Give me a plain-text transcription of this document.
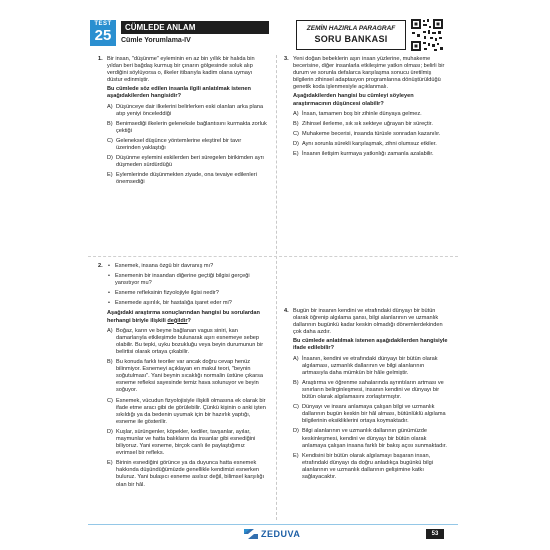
TEST
25	CÜMLEDE ANLAM
Cümle Yorumlama-IV
ZEMİN HAZIRLA PARAGRAF
SORU BANKASI
1. Bir insan, "düşünme" eyleminin en az bin yıllık bir halıda bin yıldan beri bağdaş kurmuş bir çınarın gölgesinde soluk alıp verdiğini söylüyorsa o, ilkeler itibarıyla kadim olana uymayı düstur edinmiştir.

Bu cümlede söz edilen insanla ilgili anlatılmak istenen aşağıdakilerden hangisidir?

A) Düşünceye dair ilkelerini belirlerken eski olanları arka plana atıp yeniyi önceleddiği
B) Benimsediği ilkelerin geleneksle bağlantısını kurmakta zorluk çektiği
C) Geleneksel düşünce yöntemlerine eleştirel bir tavır üzerinden yaklaştığı
D) Düşünme eylemini eskilerden beri süregelen birikimden ayrı düşmeden sürdürdüğü
E) Eylemlerinde düşünmekten ziyade, ona tevaiye edilenleri önemsediği
3. Yeni doğan bebeklerin aşırı insan yüzlerine, muhakeme becerisine, diğer insanlarla etkileşime yatkın olması; belirli bir durum ve sorunla defalarca karşılaşma sonucu üretilmiş bilgilerin zihinsel adaptasyon programlarına dönüştürüldüğü genetik koda işlenmesiyle açıklanmalı.

Aşağıdakilerden hangisi bu cümleyi söyleyen araştırmacının düşüncesi olabilir?

A) İnsan, tamamen boş bir zihinle dünyaya gelmez.
B) Zihinsel ilerleme, sık sık sekteye uğrayan bir süreçtir.
C) Muhakeme becerisi, insanda türüsle sonradan kazanılır.
D) Aynı sorunla sürekli karşılaşmak, zihni olumsuz etkiler.
E) İnsanın iletişim kurmaya yatkınlığı zamanla azalabilir.
2.	• Esnemek, insana özgü bir davranış mı?
• Esnemenin bir insandan diğerine geçtiği bilgisi gerçeği yansıtıyor mu?
• Esneme refleksinin fizyolojiyle ilgisi nedir?
• Esnemede aşırılık, bir hastalığa işaret eder mi?

Aşağıdaki araştırma sonuçlarından hangisi bu sorulardan herhangi biriyle ilişkili değildir?

A) Boğaz, karın ve beyne bağlanan vagus siniri, kan damarlarıyla etkileşimde bulunarak aşırı esnemeye sebep olabilir. Bu tepki, uyku bozukluğu veya beyin durumunun bir belirtisi olarak ortaya çıkabilir.
B) Bu konuda farklı teoriler var ancak doğru cevap henüz bilinmiyor. Esnemeyi açıklayan en makul teori, "beynin soğutulması". Yani beynin sıcaklığı normalin üstüne çıkarsa esneme refleksi sayesinde temiz hava solunuyor ve beyin soğuyor.
C) Esnemek, vücudun fizyolojisiyle ilişkili olmasına ek olarak bir ifade etme aracı gibi de görülebilir. Çünkü kişinin o anki işten sıkıldığı ya da bedenin uyumak için bir hazırlık yaptığı, esneme ile gösterilir.
D) Kuşlar, sürüngenler, köpekler, kediler, tavşanlar, ayılar, maymunlar ve hatta balıkların da insanlar gibi esnediğini biliyoruz. Yani esneme, birçok canlı ile paylaştığımız evrimsel bir refleks.
E) Birinin esnediğini görünce ya da duyunca hatta esnemek hakkında düşündüğümüzde genellikle kendimizi esnerken buluruz. Yani bulaşıcı esneme asılsız değil, bilimsel karşılığı olan bir hâl.
4. Bugün bir insanın kendini ve etrafındaki dünyayı bir bütün olarak öğrenip algılama şansı, bilgi alanlarının ve uzmanlık dallarının bugünkü kadar keskin olmadığı dönemlerdekinden çok daha azdır.

Bu cümlede anlatılmak istenen aşağıdakilerden hangisiyle ifade edilebilir?

A) İnsanın, kendini ve etrafındaki dünyayı bir bütün olarak algılaması, uzmanlık dallarının ve bilgi alanlarının artmasıyla daha mümkün bir hâle gelmiştir.
B) Araştırma ve öğrenme sahalarında ayrıntıların artması ve sınırların belirginleşmesi, insanın kendini ve dünyayı bir bütün olarak algılamasını zorlaştırmıştır.
C) Dünyayı ve insanı anlamaya çalışan bilgi ve uzmanlık dallarının bugün keskin bir hâl alması, bütünlüklü algılama bilgilerinin eksikliklerini ortaya koymaktadır.
D) Bilgi alanlarının ve uzmanlık dallarının günümüzde keskinleşmesi, kendini ve dünyayı bir bütün olarak anlamaya çalışan insana farklı bir bakış açısı sunmaktadır.
E) Kendisini bir bütün olarak algılamayı başaran insan, etrafındaki dünyayı da doğru anladıkça bugünkü bilgi alanlarının ve uzmanlık dallarının gelişimine katkı sağlayacaktır.
ZEDUVA	53
